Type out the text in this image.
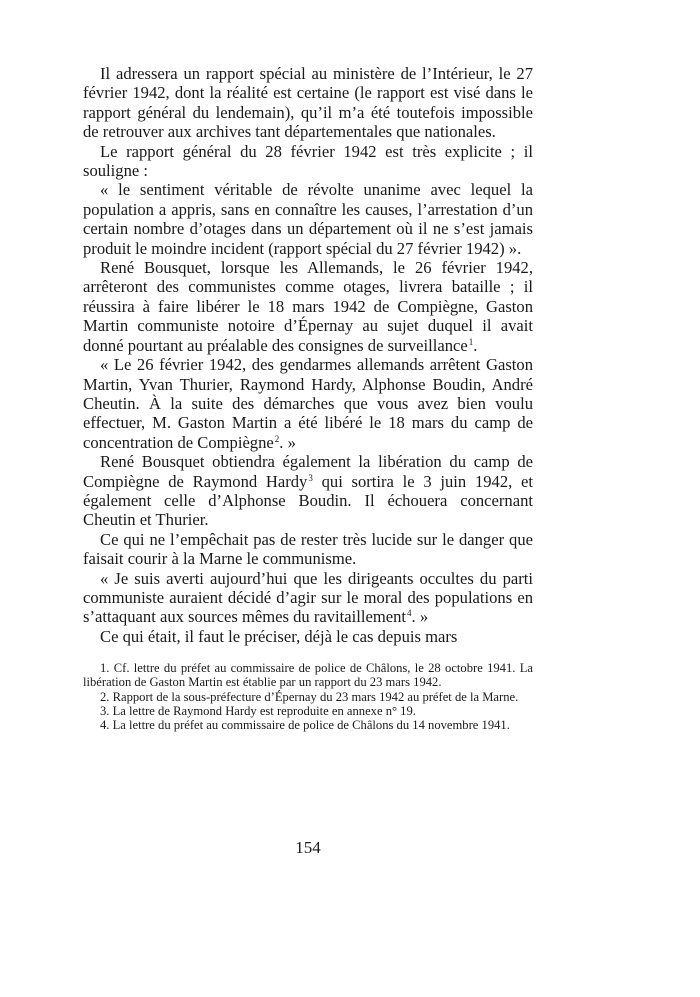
Il adressera un rapport spécial au ministère de l’Intérieur, le 27 février 1942, dont la réalité est certaine (le rapport est visé dans le rapport général du lendemain), qu’il m’a été toutefois impossible de retrouver aux archives tant départementales que nationales.

Le rapport général du 28 février 1942 est très explicite ; il souligne :

« le sentiment véritable de révolte unanime avec lequel la population a appris, sans en connaître les causes, l’arrestation d’un certain nombre d’otages dans un département où il ne s’est jamais produit le moindre incident (rapport spécial du 27 février 1942) ».

René Bousquet, lorsque les Allemands, le 26 février 1942, arrêteront des communistes comme otages, livrera bataille ; il réussira à faire libérer le 18 mars 1942 de Compiègne, Gaston Martin communiste notoire d’Épernay au sujet duquel il avait donné pourtant au préalable des consignes de surveillance$^1$.

« Le 26 février 1942, des gendarmes allemands arrêtent Gaston Martin, Yvan Thurier, Raymond Hardy, Alphonse Boudin, André Cheutin. À la suite des démarches que vous avez bien voulu effectuer, M. Gaston Martin a été libéré le 18 mars du camp de concentration de Compiègne$^2$. »

René Bousquet obtiendra également la libération du camp de Compiègne de Raymond Hardy$^3$ qui sortira le 3 juin 1942, et également celle d’Alphonse Boudin. Il échouera concernant Cheutin et Thurier.

Ce qui ne l’empêchait pas de rester très lucide sur le danger que faisait courir à la Marne le communisme.

« Je suis averti aujourd’hui que les dirigeants occultes du parti communiste auraient décidé d’agir sur le moral des populations en s’attaquant aux sources mêmes du ravitaillement$^4$. »

Ce qui était, il faut le préciser, déjà le cas depuis mars

1. Cf. lettre du préfet au commissaire de police de Châlons, le 28 octobre 1941. La libération de Gaston Martin est établie par un rapport du 23 mars 1942.

2. Rapport de la sous-préfecture d’Épernay du 23 mars 1942 au préfet de la Marne.

3. La lettre de Raymond Hardy est reproduite en annexe n° 19.

4. La lettre du préfet au commissaire de police de Châlons du 14 novembre 1941.

154
